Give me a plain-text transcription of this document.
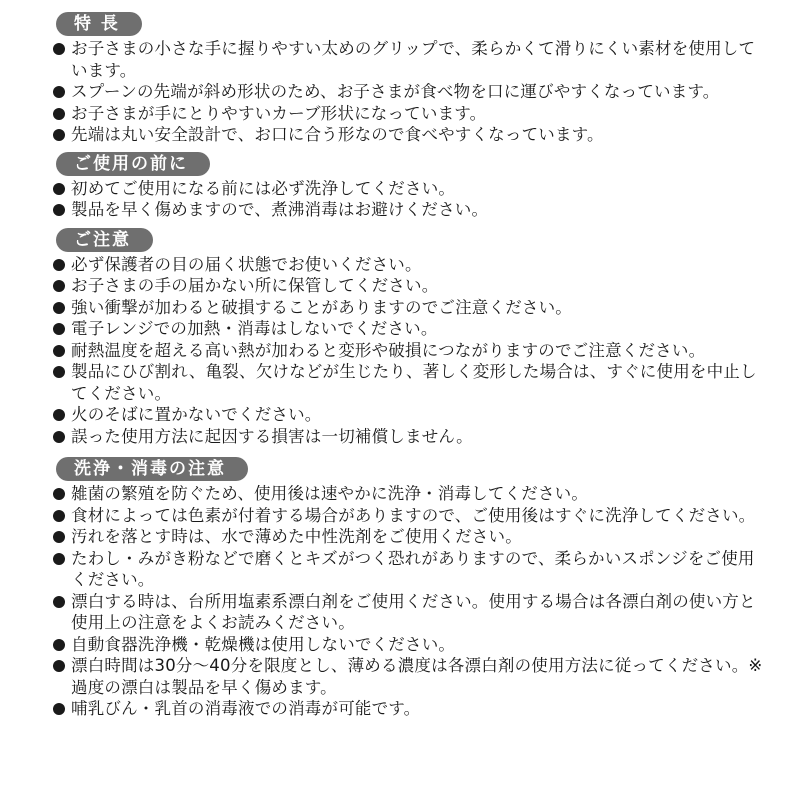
特 長
お子さまの小さな手に握りやすい太めのグリップで、柔らかくて滑りにくい素材を使用しています。
スプーンの先端が斜め形状のため、お子さまが食べ物を口に運びやすくなっています。
お子さまが手にとりやすいカーブ形状になっています。
先端は丸い安全設計で、お口に合う形なので食べやすくなっています。
ご使用の前に
初めてご使用になる前には必ず洗浄してください。
製品を早く傷めますので、煮沸消毒はお避けください。
ご注意
必ず保護者の目の届く状態でお使いください。
お子さまの手の届かない所に保管してください。
強い衝撃が加わると破損することがありますのでご注意ください。
電子レンジでの加熱・消毒はしないでください。
耐熱温度を超える高い熱が加わると変形や破損につながりますのでご注意ください。
製品にひび割れ、亀裂、欠けなどが生じたり、著しく変形した場合は、すぐに使用を中止してください。
火のそばに置かないでください。
誤った使用方法に起因する損害は一切補償しません。
洗浄・消毒の注意
雑菌の繁殖を防ぐため、使用後は速やかに洗浄・消毒してください。
食材によっては色素が付着する場合がありますので、ご使用後はすぐに洗浄してください。
汚れを落とす時は、水で薄めた中性洗剤をご使用ください。
たわし・みがき粉などで磨くとキズがつく恐れがありますので、柔らかいスポンジをご使用ください。
漂白する時は、台所用塩素系漂白剤をご使用ください。使用する場合は各漂白剤の使い方と使用上の注意をよくお読みください。
自動食器洗浄機・乾燥機は使用しないでください。
漂白時間は30分～40分を限度とし、薄める濃度は各漂白剤の使用方法に従ってください。※過度の漂白は製品を早く傷めます。
哺乳びん・乳首の消毒液での消毒が可能です。
